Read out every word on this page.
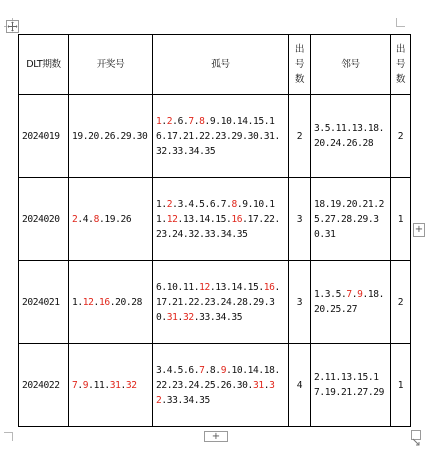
DLT期数	开奖号	孤号	出号数	邻号	出号数
2024019	19.20.26.29.30	1.2.6.7.8.9.10.14.15.16.17.21.22.23.29.30.31.32.33.34.35	2	3.5.11.13.18.20.24.26.28	2
2024020	2.4.8.19.26	1.2.3.4.5.6.7.8.9.10.11.12.13.14.15.16.17.22.23.24.32.33.34.35	3	18.19.20.21.25.27.28.29.30.31	1
2024021	1.12.16.20.28	6.10.11.12.13.14.15.16.17.21.22.23.24.28.29.30.31.32.33.34.35	3	1.3.5.7.9.18.20.25.27	2
2024022	7.9.11.31.32	3.4.5.6.7.8.9.10.14.18.22.23.24.25.26.30.31.32.33.34.35	4	2.11.13.15.17.19.21.27.29	1
+
+
